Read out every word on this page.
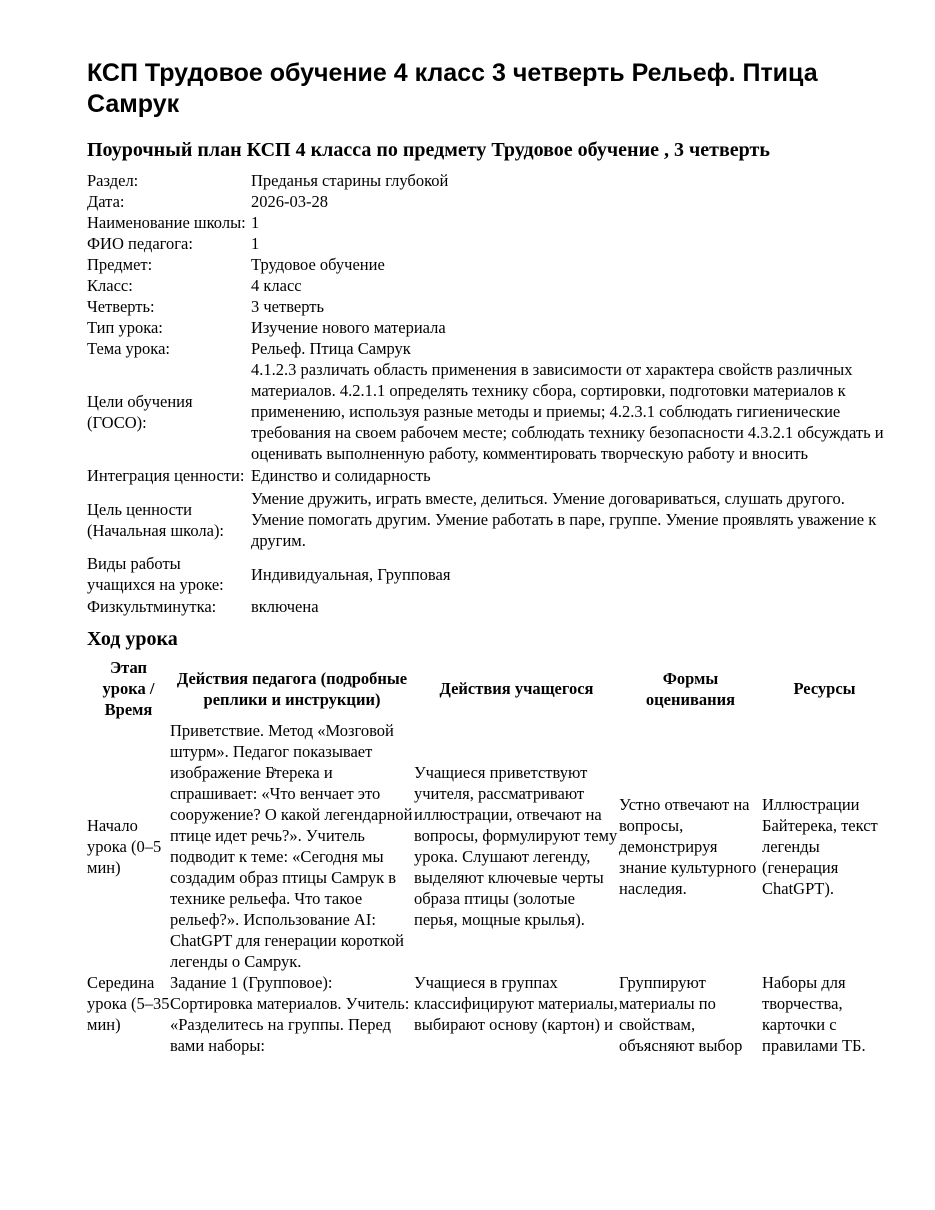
КСП Трудовое обучение 4 класс 3 четверть Рельеф. Птица Самрук
Поурочный план КСП 4 класса по предмету Трудовое обучение , 3 четверть
Раздел:	Преданья старины глубокой
Дата:	2026-03-28
Наименование школы:	1
ФИО педагога:	1
Предмет:	Трудовое обучение
Класс:	4 класс
Четверть:	3 четверть
Тип урока:	Изучение нового материала
Тема урока:	Рельеф. Птица Самрук
Цели обучения (ГОСО):	4.1.2.3 различать область применения в зависимости от характера свойств различных материалов. 4.2.1.1 определять технику сбора, сортировки, подготовки материалов к применению, используя разные методы и приемы; 4.2.3.1 соблюдать гигиенические требования на своем рабочем месте; соблюдать технику безопасности 4.3.2.1 обсуждать и оценивать выполненную работу, комментировать творческую работу и вносить
Интеграция ценности:	Единство и солидарность
Цель ценности (Начальная школа):	Умение дружить, играть вместе, делиться. Умение договариваться, слушать другого. Умение помогать другим. Умение работать в паре, группе. Умение проявлять уважение к другим.
Виды работы учащихся на уроке:	Индивидуальная, Групповая
Физкультминутка:	включена
Ход урока
Этап урока / Время	Действия педагога (подробные реплики и инструкции)	Действия учащегося	Формы оценивания	Ресурсы
Начало урока (0–5 мин)	Приветствие. Метод «Мозговой штурм». Педагог показывает изображение Бͤтерека и спрашивает: «Что венчает это сооружение? О какой легендарной птице идет речь?». Учитель подводит к теме: «Сегодня мы создадим образ птицы Самрук в технике рельефа. Что такое рельеф?». Использование AI: ChatGPT для генерации короткой легенды о Самрук.	Учащиеся приветствуют учителя, рассматривают иллюстрации, отвечают на вопросы, формулируют тему урока. Слушают легенду, выделяют ключевые черты образа птицы (золотые перья, мощные крылья).	Устно отвечают на вопросы, демонстрируя знание культурного наследия.	Иллюстрации Байтерека, текст легенды (генерация ChatGPT).
Середина урока (5–35 мин)	Задание 1 (Групповое): Сортировка материалов. Учитель: «Разделитесь на группы. Перед вами наборы:	Учащиеся в группах классифицируют материалы, выбирают основу (картон) и	Группируют материалы по свойствам, объясняют выбор	Наборы для творчества, карточки с правилами ТБ.
